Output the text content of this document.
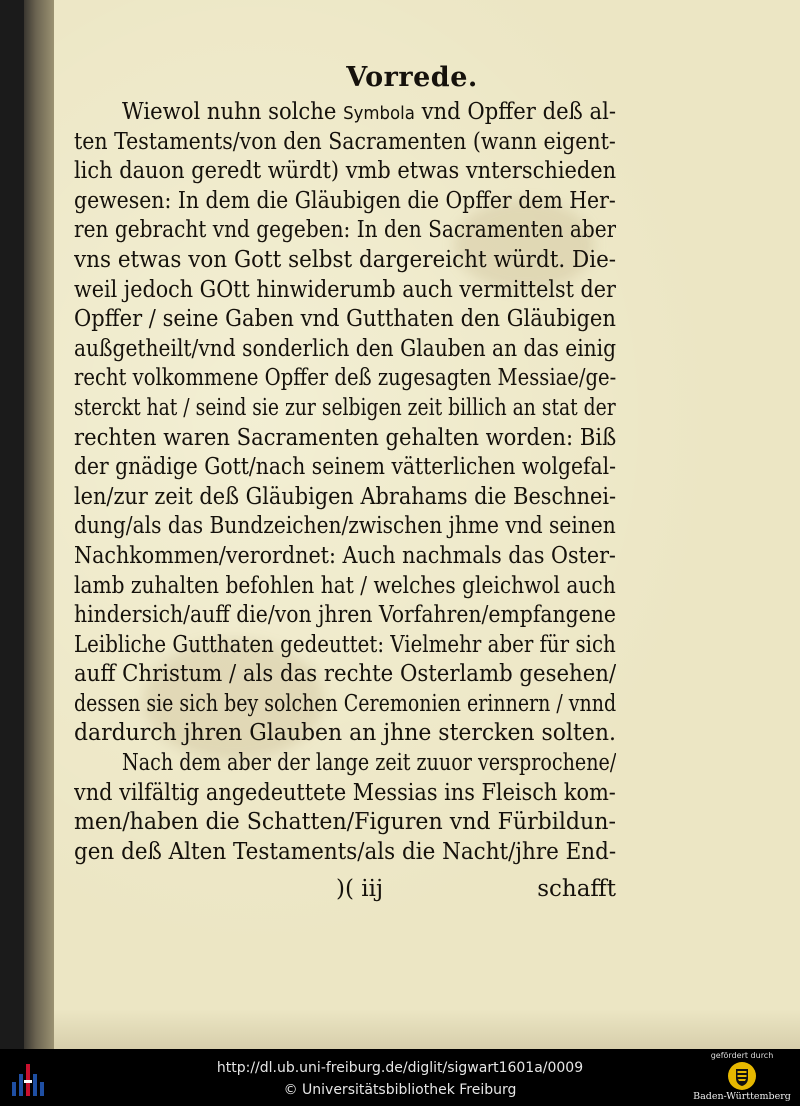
Vorrede.
Wiewol nuhn solche Symbola vnd Opffer deß al-
ten Testaments/von den Sacramenten (wann eigent-
lich dauon geredt würdt) vmb etwas vnterschieden
gewesen: In dem die Gläubigen die Opffer dem Her-
ren gebracht vnd gegeben: In den Sacramenten aber
vns etwas von Gott selbst dargereicht würdt. Die-
weil jedoch GOtt hinwiderumb auch vermittelst der
Opffer / seine Gaben vnd Gutthaten den Gläubigen
außgetheilt/vnd sonderlich den Glauben an das einig
recht volkommene Opffer deß zugesagten Messiae/ge-
sterckt hat / seind sie zur selbigen zeit billich an stat der
rechten waren Sacramenten gehalten worden: Biß
der gnädige Gott/nach seinem vätterlichen wolgefal-
len/zur zeit deß Gläubigen Abrahams die Beschnei-
dung/als das Bundzeichen/zwischen jhme vnd seinen
Nachkommen/verordnet: Auch nachmals das Oster-
lamb zuhalten befohlen hat / welches gleichwol auch
hindersich/auff die/von jhren Vorfahren/empfangene
Leibliche Gutthaten gedeuttet: Vielmehr aber für sich
auff Christum / als das rechte Osterlamb gesehen/
dessen sie sich bey solchen Ceremonien erinnern / vnnd
dardurch jhren Glauben an jhne stercken solten.
Nach dem aber der lange zeit zuuor versprochene/
vnd vilfältig angedeuttete Messias ins Fleisch kom-
men/haben die Schatten/Figuren vnd Fürbildun-
gen deß Alten Testaments/als die Nacht/jhre End-
)( iij	schafft
http://dl.ub.uni-freiburg.de/diglit/sigwart1601a/0009
© Universitätsbibliothek Freiburg
gefördert durch
Baden-Württemberg
